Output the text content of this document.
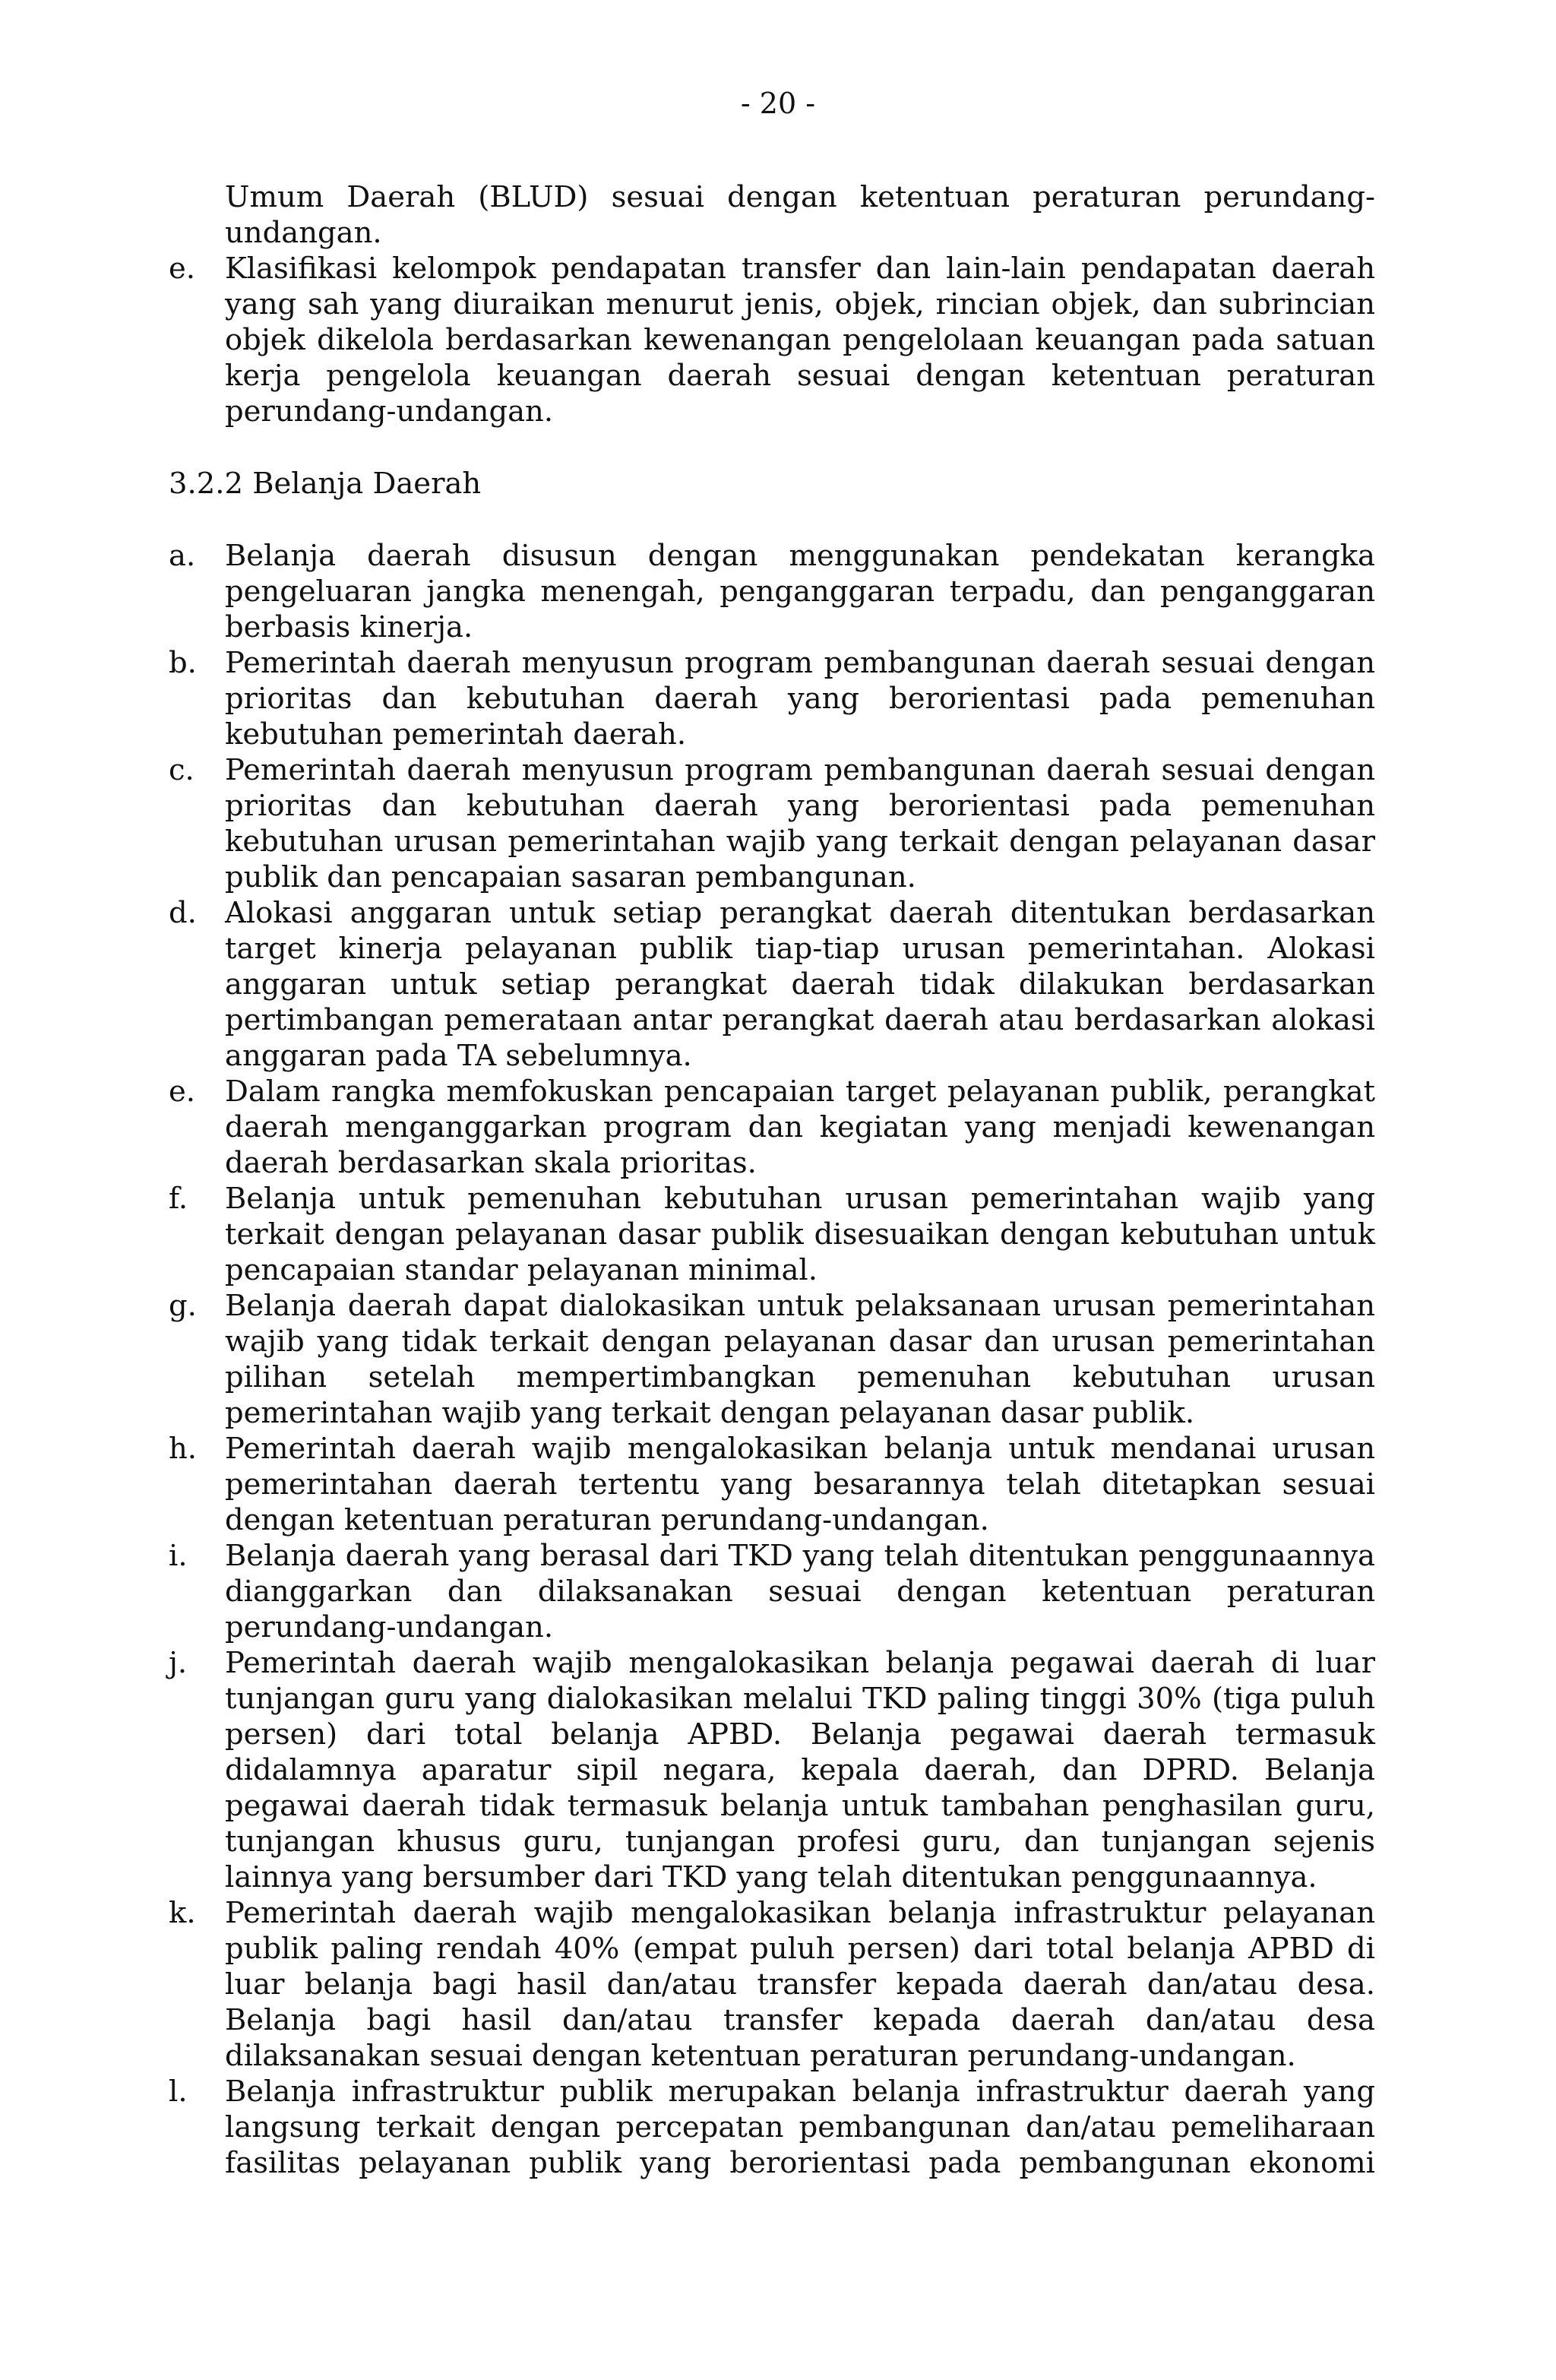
- 20 -
Umum Daerah (BLUD) sesuai dengan ketentuan peraturan perundang-undangan.
e.	Klasifikasi kelompok pendapatan transfer dan lain-lain pendapatan daerah yang sah yang diuraikan menurut jenis, objek, rincian objek, dan subrincian objek dikelola berdasarkan kewenangan pengelolaan keuangan pada satuan kerja pengelola keuangan daerah sesuai dengan ketentuan peraturan perundang-undangan.
3.2.2 Belanja Daerah
a.	Belanja daerah disusun dengan menggunakan pendekatan kerangka pengeluaran jangka menengah, penganggaran terpadu, dan penganggaran berbasis kinerja.
b. Pemerintah daerah menyusun program pembangunan daerah sesuai dengan prioritas dan kebutuhan daerah yang berorientasi pada pemenuhan kebutuhan pemerintah daerah.
c.	Pemerintah daerah menyusun program pembangunan daerah sesuai dengan prioritas dan kebutuhan daerah yang berorientasi pada pemenuhan kebutuhan urusan pemerintahan wajib yang terkait dengan pelayanan dasar publik dan pencapaian sasaran pembangunan.
d. Alokasi anggaran untuk setiap perangkat daerah ditentukan berdasarkan target kinerja pelayanan publik tiap-tiap urusan pemerintahan. Alokasi anggaran untuk setiap perangkat daerah tidak dilakukan berdasarkan pertimbangan pemerataan antar perangkat daerah atau berdasarkan alokasi anggaran pada TA sebelumnya.
e.	Dalam rangka memfokuskan pencapaian target pelayanan publik, perangkat daerah menganggarkan program dan kegiatan yang menjadi kewenangan daerah berdasarkan skala prioritas.
f.	Belanja untuk pemenuhan kebutuhan urusan pemerintahan wajib yang terkait dengan pelayanan dasar publik disesuaikan dengan kebutuhan untuk pencapaian standar pelayanan minimal.
g. Belanja daerah dapat dialokasikan untuk pelaksanaan urusan pemerintahan wajib yang tidak terkait dengan pelayanan dasar dan urusan pemerintahan pilihan setelah mempertimbangkan pemenuhan kebutuhan urusan pemerintahan wajib yang terkait dengan pelayanan dasar publik.
h. Pemerintah daerah wajib mengalokasikan belanja untuk mendanai urusan pemerintahan daerah tertentu yang besarannya telah ditetapkan sesuai dengan ketentuan peraturan perundang-undangan.
i.	Belanja daerah yang berasal dari TKD yang telah ditentukan penggunaannya dianggarkan dan dilaksanakan sesuai dengan ketentuan peraturan perundang-undangan.
j.	Pemerintah daerah wajib mengalokasikan belanja pegawai daerah di luar tunjangan guru yang dialokasikan melalui TKD paling tinggi 30% (tiga puluh persen) dari total belanja APBD. Belanja pegawai daerah termasuk didalamnya aparatur sipil negara, kepala daerah, dan DPRD. Belanja pegawai daerah tidak termasuk belanja untuk tambahan penghasilan guru, tunjangan khusus guru, tunjangan profesi guru, dan tunjangan sejenis lainnya yang bersumber dari TKD yang telah ditentukan penggunaannya.
k. Pemerintah daerah wajib mengalokasikan belanja infrastruktur pelayanan publik paling rendah 40% (empat puluh persen) dari total belanja APBD di luar belanja bagi hasil dan/atau transfer kepada daerah dan/atau desa. Belanja bagi hasil dan/atau transfer kepada daerah dan/atau desa dilaksanakan sesuai dengan ketentuan peraturan perundang-undangan.
l.	Belanja infrastruktur publik merupakan belanja infrastruktur daerah yang langsung terkait dengan percepatan pembangunan dan/atau pemeliharaan fasilitas pelayanan publik yang berorientasi pada pembangunan ekonomi
